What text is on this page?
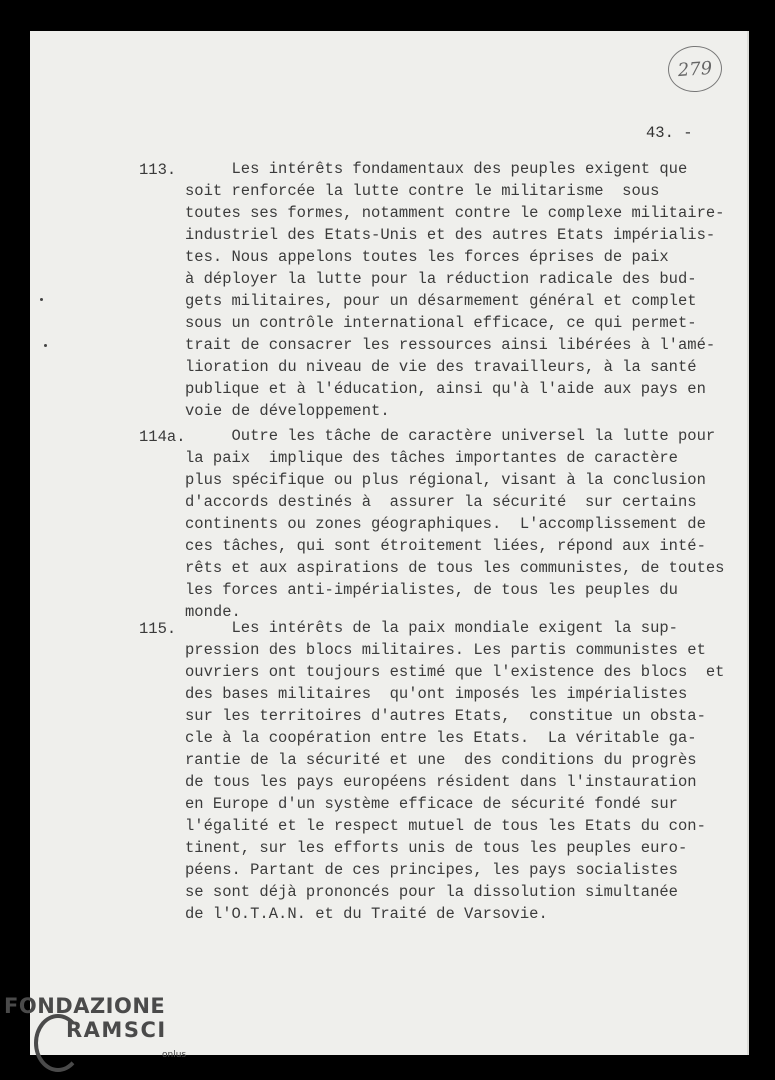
279
43. -
113. Les intérêts fondamentaux des peuples exigent que
soit renforcée la lutte contre le militarisme  sous
toutes ses formes, notamment contre le complexe militaire-
industriel des Etats-Unis et des autres Etats impérialis-
tes. Nous appelons toutes les forces éprises de paix
à déployer la lutte pour la réduction radicale des bud-
gets militaires, pour un désarmement général et complet
sous un contrôle international efficace, ce qui permet-
trait de consacrer les ressources ainsi libérées à l'amé-
lioration du niveau de vie des travailleurs, à la santé
publique et à l'éducation, ainsi qu'à l'aide aux pays en
voie de développement.
114a. Outre les tâche de caractère universel la lutte pour
la paix  implique des tâches importantes de caractère
plus spécifique ou plus régional, visant à la conclusion
d'accords destinés à  assurer la sécurité  sur certains
continents ou zones géographiques.  L'accomplissement de
ces tâches, qui sont étroitement liées, répond aux inté-
rêts et aux aspirations de tous les communistes, de toutes
les forces anti-impérialistes, de tous les peuples du
monde.
115. Les intérêts de la paix mondiale exigent la sup-
pression des blocs militaires. Les partis communistes et
ouvriers ont toujours estimé que l'existence des blocs  et
des bases militaires  qu'ont imposés les impérialistes
sur les territoires d'autres Etats,  constitue un obsta-
cle à la coopération entre les Etats.  La véritable ga-
rantie de la sécurité et une  des conditions du progrès
de tous les pays européens résident dans l'instauration
en Europe d'un système efficace de sécurité fondé sur
l'égalité et le respect mutuel de tous les Etats du con-
tinent, sur les efforts unis de tous les peuples euro-
péens. Partant de ces principes, les pays socialistes
se sont déjà prononcés pour la dissolution simultanée
de l'O.T.A.N. et du Traité de Varsovie.
FONDAZIONE
RAMSCI
onlus
